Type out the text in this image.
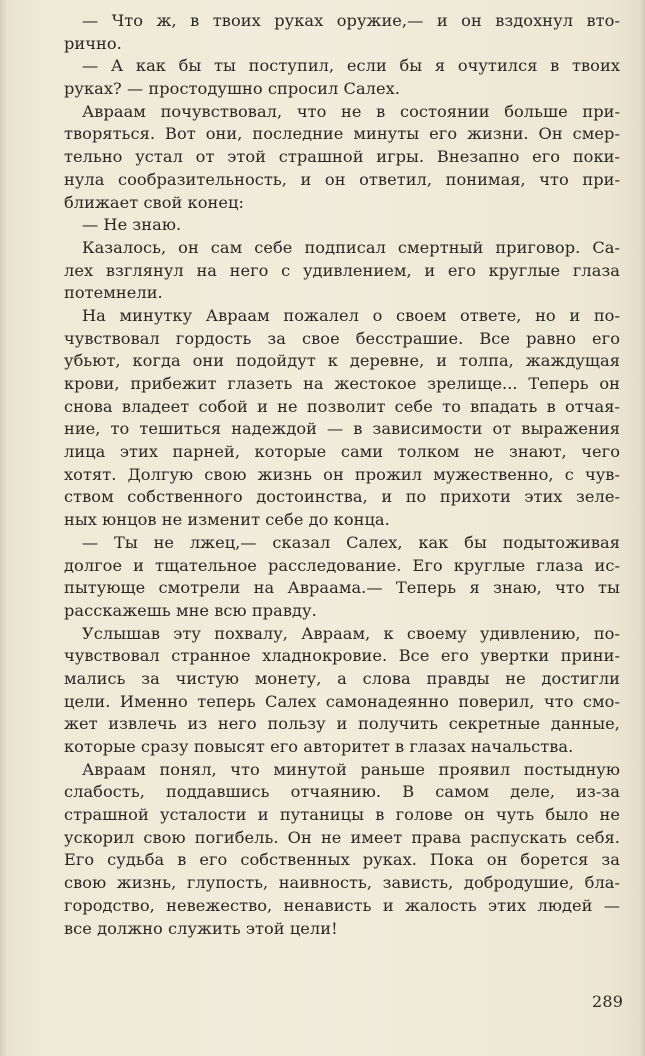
— Что ж, в твоих руках оружие,— и он вздохнул вто-
рично.
— А как бы ты поступил, если бы я очутился в твоих
руках? — простодушно спросил Салех.
Авраам почувствовал, что не в состоянии больше при-
творяться. Вот они, последние минуты его жизни. Он смер-
тельно устал от этой страшной игры. Внезапно его поки-
нула сообразительность, и он ответил, понимая, что при-
ближает свой конец:
— Не знаю.
Казалось, он сам себе подписал смертный приговор. Са-
лех взглянул на него с удивлением, и его круглые глаза
потемнели.
На минутку Авраам пожалел о своем ответе, но и по-
чувствовал гордость за свое бесстрашие. Все равно его
убьют, когда они подойдут к деревне, и толпа, жаждущая
крови, прибежит глазеть на жестокое зрелище... Теперь он
снова владеет собой и не позволит себе то впадать в отчая-
ние, то тешиться надеждой — в зависимости от выражения
лица этих парней, которые сами толком не знают, чего
хотят. Долгую свою жизнь он прожил мужественно, с чув-
ством собственного достоинства, и по прихоти этих зеле-
ных юнцов не изменит себе до конца.
— Ты не лжец,— сказал Салех, как бы подытоживая
долгое и тщательное расследование. Его круглые глаза ис-
пытующе смотрели на Авраама.— Теперь я знаю, что ты
расскажешь мне всю правду.
Услышав эту похвалу, Авраам, к своему удивлению, по-
чувствовал странное хладнокровие. Все его увертки прини-
мались за чистую монету, а слова правды не достигли
цели. Именно теперь Салех самонадеянно поверил, что смо-
жет извлечь из него пользу и получить секретные данные,
которые сразу повысят его авторитет в глазах начальства.
Авраам понял, что минутой раньше проявил постыдную
слабость, поддавшись отчаянию. В самом деле, из-за
страшной усталости и путаницы в голове он чуть было не
ускорил свою погибель. Он не имеет права распускать себя.
Его судьба в его собственных руках. Пока он борется за
свою жизнь, глупость, наивность, зависть, добродушие, бла-
городство, невежество, ненависть и жалость этих людей —
все должно служить этой цели!
289
